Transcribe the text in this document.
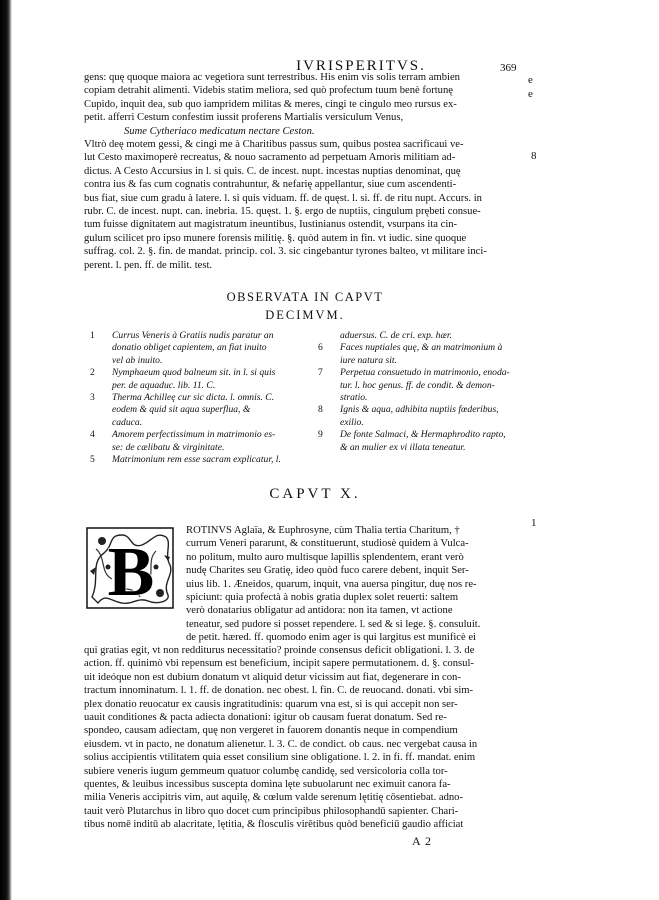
IVRISPERITVS.	369
gens: quę quoque maiora ac vegetiora sunt terrestribus. His enim vis solis terram ambien
copiam detrahit alimenti. Videbis statim meliora, sed quò profectum tuum benè fortunę
Cupido, inquit dea, sub quo iampridem militas & meres, cingi te cingulo meo rursus ex-
petit. afferri Cestum confestim iussit proferens Martialis versiculum Venus,
Sume Cytheriaco medicatum nectare Ceston.
Vltrò deę motem gessi, & cingi me à Charitibus passus sum, quibus postea sacrificaui ve-
lut Cesto maximoperè recreatus, & nouo sacramento ad perpetuam Amoris militiam ad-
dictus. A Cesto Accursius in l. si quis. C. de incest. nupt. incestas nuptias denominat, quę
contra ius & fas cum cognatis contrahuntur, & nefarię appellantur, siue cum ascendenti-
bus fiat, siue cum gradu à latere. l. si quis viduam. ff. de quęst. l. si. ff. de ritu nupt. Accurs. in
rubr. C. de incest. nupt. can. inebria. 15. quęst. 1. §. ergo de nuptiis, cingulum prębeti consue-
tum fuisse dignitatem aut magistratum ineuntibus, Iustinianus ostendit, vsurpans ita cin-
gulum scilicet pro ipso munere forensis militię. §. quòd autem in fin. vt iudic. sine quoque
suffrag. col. 2. §. fin. de mandat. princip. col. 3. sic cingebantur tyrones balteo, vt militare inci-
perent. l. pen. ff. de milit. test.
e
e
8
1
OBSERVATA IN CAPVT
DECIMVM.
1 Currus Veneris à Gratiis nudis paratur an
donatio obliget capientem, an fiat inuito
vel ab inuito.
2 Nymphaeum quod balneum sit. in l. si quis
per. de aquaduc. lib. 11. C.
3 Therma Achilleę cur sic dicta. l. omnis. C.
eodem & quid sit aqua superflua, &
caduca.
4 Amorem perfectissimum in matrimonio es-
se: de cælibatu & virginitate.
5 Matrimonium rem esse sacram explicatur, l.
aduersus. C. de cri. exp. hær.
6 Faces nuptiales quę, & an matrimonium à
iure natura sit.
7 Perpetua consuetudo in matrimonio, enoda-
tur. l. hoc genus. ff. de condit. & demon-
stratio.
8 Ignis & aqua, adhibita nuptiis fœderibus,
exilio.
9 De fonte Salmaci, & Hermaphrodito rapto,
& an mulier ex vi illata teneatur.
CAPVT X.
B
ROTINVS Aglaïa, & Euphrosyne, cùm Thalia tertia Charitum, †
currum Veneri pararunt, & constituerunt, studiosè quidem à Vulca-
no politum, multo auro multisque lapillis splendentem, erant verò
nudę Charites seu Gratię, ideo quòd fuco carere debent, inquit Ser-
uius lib. 1. Æneidos, quarum, inquit, vna auersa pingitur, duę nos re-
spiciunt: quia profectà à nobis gratia duplex solet reuerti: saltem
verò donatarius obligatur ad antidora: non ita tamen, vt actione
teneatur, sed pudore si posset rependere. l. sed & si lege. §. consuluit.
de petit. hæred. ff. quomodo enim ager is qui largitus est munificè ei
qui gratias egit, vt non redditurus necessitatio? proinde consensus deficit obligationi. l. 3. de
action. ff. quinimò vbi repensum est beneficium, incipit sapere permutationem. d. §. consul-
uit ideóque non est dubium donatum vt aliquid detur vicissim aut fiat, degenerare in con-
tractum innominatum. l. 1. ff. de donation. nec obest. l. fin. C. de reuocand. donati. vbi sim-
plex donatio reuocatur ex causis ingratitudinis: quarum vna est, si is qui accepit non ser-
uauit conditiones & pacta adiecta donationi: igitur ob causam fuerat donatum. Sed re-
spondeo, causam adiectam, quę non vergeret in fauorem donantis neque in compendium
eiusdem. vt in pacto, ne donatum alienetur. l. 3. C. de condict. ob caus. nec vergebat causa in
solius accipientis vtilitatem quia esset consilium sine obligatione. l. 2. in fi. ff. mandat. enim
subiere veneris iugum gemmeum quatuor columbę candidę, sed versicoloria colla tor-
quentes, & leuibus incessibus suscepta domina lęte subuolarunt nec eximuit canora fa-
milia Veneris accipitris vim, aut aquilę, & cœlum valde serenum lętitię cōsentiebat. adno-
tauit verò Plutarchus in libro quo docet cum principibus philosophandū sapienter. Chari-
tibus nomē inditū ab alacritate, lętitia, & flosculis virētibus quòd beneficiū gaudio afficiat
A 2
